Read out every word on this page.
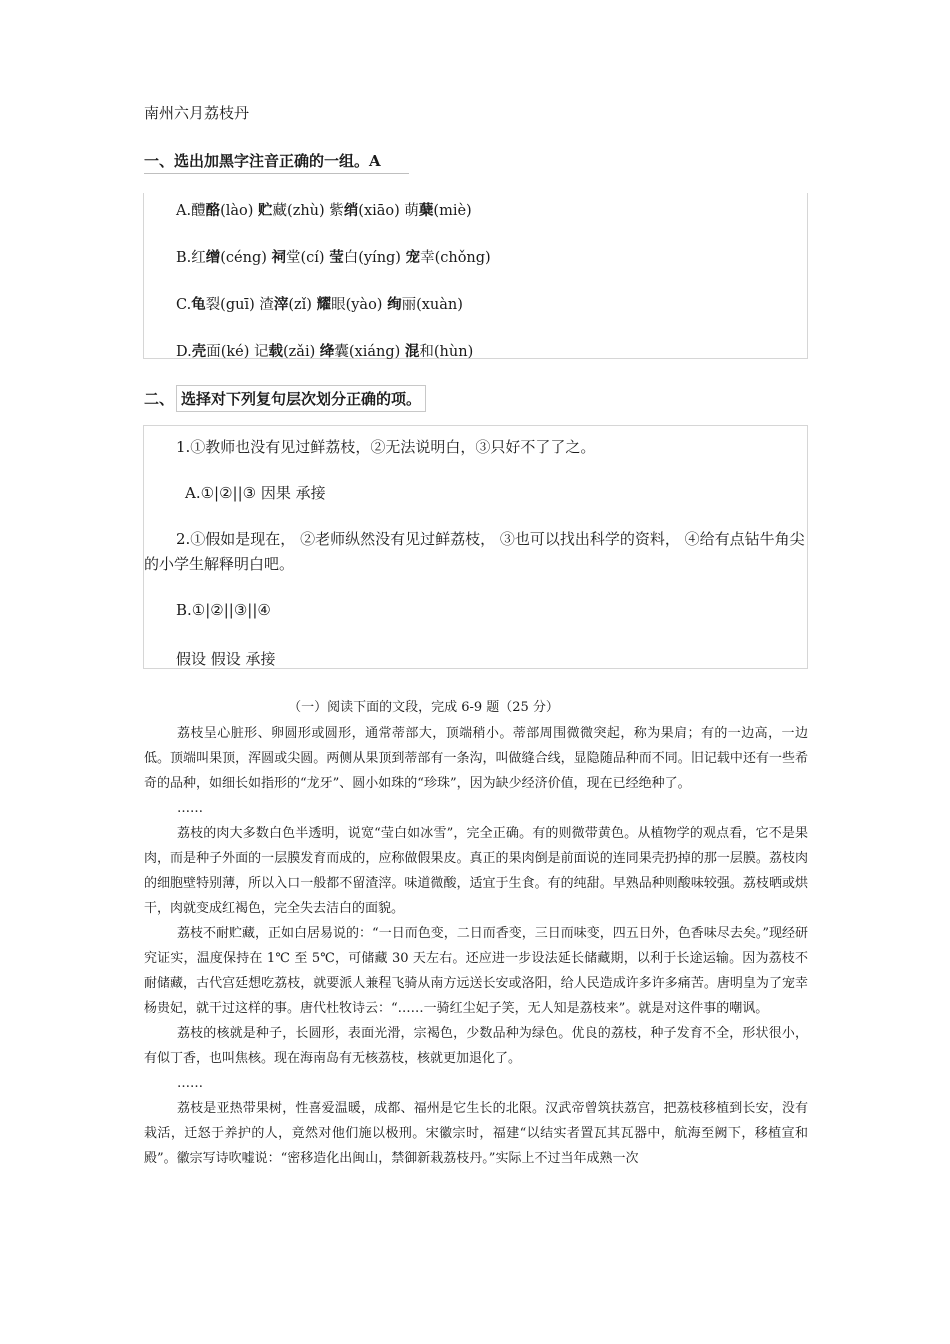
南州六月荔枝丹
一、选出加黑字注音正确的一组。A
A.醴酪(lào) 贮藏(zhù) 紫绡(xiāo) 萌蘖(miè)
B.红缯(céng) 祠堂(cí) 莹白(yíng) 宠幸(chǒng)
C.龟裂(guī) 渣滓(zǐ) 耀眼(yào) 绚丽(xuàn)
D.壳面(ké) 记载(zǎi) 绛囊(xiáng) 混和(hùn)
二、 选择对下列复句层次划分正确的项。
1.①教师也没有见过鲜荔枝，②无法说明白，③只好不了了之。
A.①|②||③ 因果 承接
2.①假如是现在， ②老师纵然没有见过鲜荔枝， ③也可以找出科学的资料， ④给有点钻牛角尖的小学生解释明白吧。
B.①|②||③||④
假设 假设 承接
（一）阅读下面的文段，完成 6-9 题（25 分）

荔枝呈心脏形、卵圆形或圆形，通常蒂部大，顶端稍小。蒂部周围微微突起，称为果肩；有的一边高，一边低。顶端叫果顶，浑圆或尖圆。两侧从果顶到蒂部有一条沟，叫做缝合线，显隐随品种而不同。旧记载中还有一些希奇的品种，如细长如指形的“龙牙”、圆小如珠的“珍珠”，因为缺少经济价值，现在已经绝种了。

……

荔枝的肉大多数白色半透明，说宽“莹白如冰雪”，完全正确。有的则微带黄色。从植物学的观点看，它不是果肉，而是种子外面的一层膜发育而成的，应称做假果皮。真正的果肉倒是前面说的连同果壳扔掉的那一层膜。荔枝肉的细胞壁特别薄，所以入口一般都不留渣滓。味道微酸，适宜于生食。有的纯甜。早熟品种则酸味较强。荔枝晒或烘干，肉就变成红褐色，完全失去洁白的面貌。

荔枝不耐贮藏，正如白居易说的：“一日而色变，二日而香变，三日而味变，四五日外，色香味尽去矣。”现经研究证实，温度保持在 1℃ 至 5℃，可储藏 30 天左右。还应进一步设法延长储藏期，以利于长途运输。因为荔枝不耐储藏，古代宫廷想吃荔枝，就要派人兼程飞骑从南方远送长安或洛阳，给人民造成许多许多痛苦。唐明皇为了宠幸杨贵妃，就干过这样的事。唐代杜牧诗云：“……一骑红尘妃子笑，无人知是荔枝来”。就是对这件事的嘲讽。

荔枝的核就是种子，长圆形，表面光滑，宗褐色，少数品种为绿色。优良的荔枝，种子发育不全，形状很小，有似丁香，也叫焦核。现在海南岛有无核荔枝，核就更加退化了。

……

荔枝是亚热带果树，性喜爱温暖，成都、福州是它生长的北限。汉武帝曾筑扶荔宫，把荔枝移植到长安，没有栽活，迁怒于养护的人，竟然对他们施以极刑。宋徽宗时，福建“以结实者置瓦其瓦器中，航海至阙下，移植宣和殿”。徽宗写诗吹嘘说：“密移造化出闽山，禁御新栽荔枝丹。”实际上不过当年成熟一次
